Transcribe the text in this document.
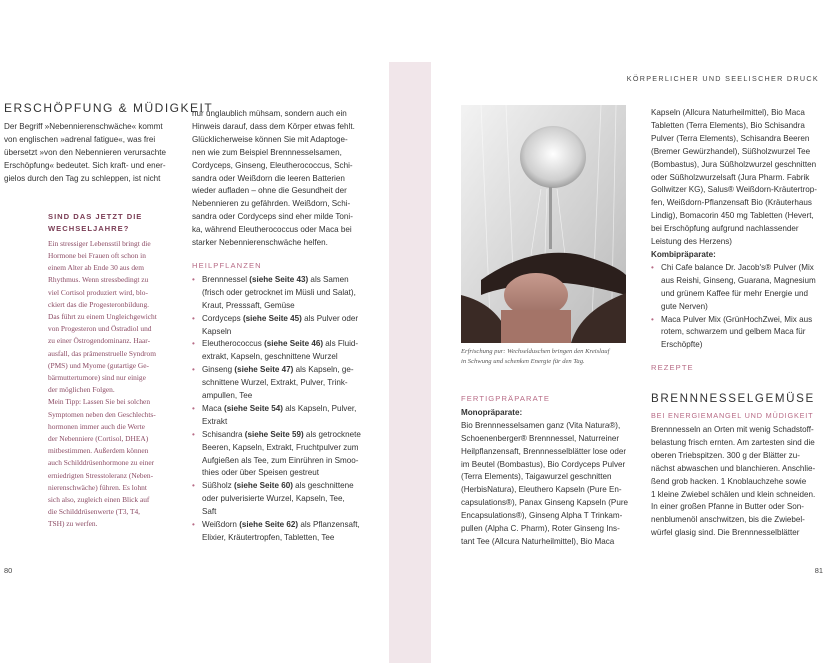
KÖRPERLICHER UND SEELISCHER DRUCK
ERSCHÖPFUNG & MÜDIGKEIT
Der Begriff »Nebennierenschwäche« kommt
von englischen »adrenal fatigue«, was frei
übersetzt »von den Nebennieren verursachte
Erschöpfung« bedeutet. Sich kraft- und ener-
gielos durch den Tag zu schleppen, ist nicht
SIND DAS JETZT DIE
WECHSELJAHRE?
Ein stressiger Lebensstil bringt die
Hormone bei Frauen oft schon in
einem Alter ab Ende 30 aus dem
Rhythmus. Wenn stressbedingt zu
viel Cortisol produziert wird, blo-
ckiert das die Progesteronbildung.
Das führt zu einem Ungleichgewicht
von Progesteron und Östradiol und
zu einer Östrogendominanz. Haar-
ausfall, das prämenstruelle Syndrom
(PMS) und Myome (gutartige Ge-
bärmuttertumore) sind nur einige
der möglichen Folgen.
Mein Tipp: Lassen Sie bei solchen
Symptomen neben den Geschlechts-
hormonen immer auch die Werte
der Nebenniere (Cortisol, DHEA)
mitbestimmen. Außerdem können
auch Schilddrüsenhormone zu einer
erniedrigten Stresstoleranz (Neben-
nierenschwäche) führen. Es lohnt
sich also, zugleich einen Blick auf
die Schilddrüsenwerte (T3, T4,
TSH) zu werfen.
nur unglaublich mühsam, sondern auch ein
Hinweis darauf, dass dem Körper etwas fehlt.
Glücklicherweise können Sie mit Adaptoge-
nen wie zum Beispiel Brennnesselsamen,
Cordyceps, Ginseng, Eleutherococcus, Schi-
sandra oder Weißdorn die leeren Batterien
wieder aufladen – ohne die Gesundheit der
Nebennieren zu gefährden. Weißdorn, Schi-
sandra oder Cordyceps sind eher milde Toni-
ka, während Eleutherococcus oder Maca bei
starker Nebennierenschwäche helfen.
HEILPFLANZEN
• Brennnessel (siehe Seite 43) als Samen
(frisch oder getrocknet im Müsli und Salat),
Kraut, Presssaft, Gemüse
• Cordyceps (siehe Seite 45) als Pulver oder
Kapseln
• Eleutherococcus (siehe Seite 46) als Fluid-
extrakt, Kapseln, geschnittene Wurzel
• Ginseng (siehe Seite 47) als Kapseln, ge-
schnittene Wurzel, Extrakt, Pulver, Trink-
ampullen, Tee
• Maca (siehe Seite 54) als Kapseln, Pulver,
Extrakt
• Schisandra (siehe Seite 59) als getrocknete
Beeren, Kapseln, Extrakt, Fruchtpulver zum
Aufgießen als Tee, zum Einrühren in Smoo-
thies oder über Speisen gestreut
• Süßholz (siehe Seite 60) als geschnittene
oder pulverisierte Wurzel, Kapseln, Tee,
Saft
• Weißdorn (siehe Seite 62) als Pflanzensaft,
Elixier, Kräutertropfen, Tabletten, Tee
80
Erfrischung pur: Wechselduschen bringen den Kreislauf
in Schwung und schenken Energie für den Tag.
FERTIGPRÄPARATE
Monopräparate:
Bio Brennnesselsamen ganz (Vita Natura®),
Schoenenberger® Brennnessel, Naturreiner
Heilpflanzensaft, Brennnesselblätter lose oder
im Beutel (Bombastus), Bio Cordyceps Pulver
(Terra Elements), Taigawurzel geschnitten
(HerbisNatura), Eleuthero Kapseln (Pure En-
capsulations®), Panax Ginseng Kapseln (Pure
Encapsulations®), Ginseng Alpha T Trinkam-
pullen (Alpha C. Pharm), Roter Ginseng Ins-
tant Tee (Allcura Naturheilmittel), Bio Maca
Kapseln (Allcura Naturheilmittel), Bio Maca
Tabletten (Terra Elements), Bio Schisandra
Pulver (Terra Elements), Schisandra Beeren
(Bremer Gewürzhandel), Süßholzwurzel Tee
(Bombastus), Jura Süßholzwurzel geschnitten
oder Süßholzwurzelsaft (Jura Pharm. Fabrik
Gollwitzer KG), Salus® Weißdorn-Kräutertrop-
fen, Weißdorn-Pflanzensaft Bio (Kräuterhaus
Lindig), Bomacorin 450 mg Tabletten (Hevert,
bei Erschöpfung aufgrund nachlassender
Leistung des Herzens)
Kombipräparate:
• Chi Cafe balance Dr. Jacob's® Pulver (Mix
aus Reishi, Ginseng, Guarana, Magnesium
und grünem Kaffee für mehr Energie und
gute Nerven)
• Maca Pulver Mix (GrünHochZwei, Mix aus
rotem, schwarzem und gelbem Maca für
Erschöpfte)
REZEPTE
BRENNNESSELGEMÜSE
BEI ENERGIEMANGEL UND MÜDIGKEIT
Brennnesseln an Orten mit wenig Schadstoff-
belastung frisch ernten. Am zartesten sind die
oberen Triebspitzen. 300 g der Blätter zu-
nächst abwaschen und blanchieren. Anschlie-
ßend grob hacken. 1 Knoblauchzehe sowie
1 kleine Zwiebel schälen und klein schneiden.
In einer großen Pfanne in Butter oder Son-
nenblumenöl anschwitzen, bis die Zwiebel-
würfel glasig sind. Die Brennnesselblätter
81
